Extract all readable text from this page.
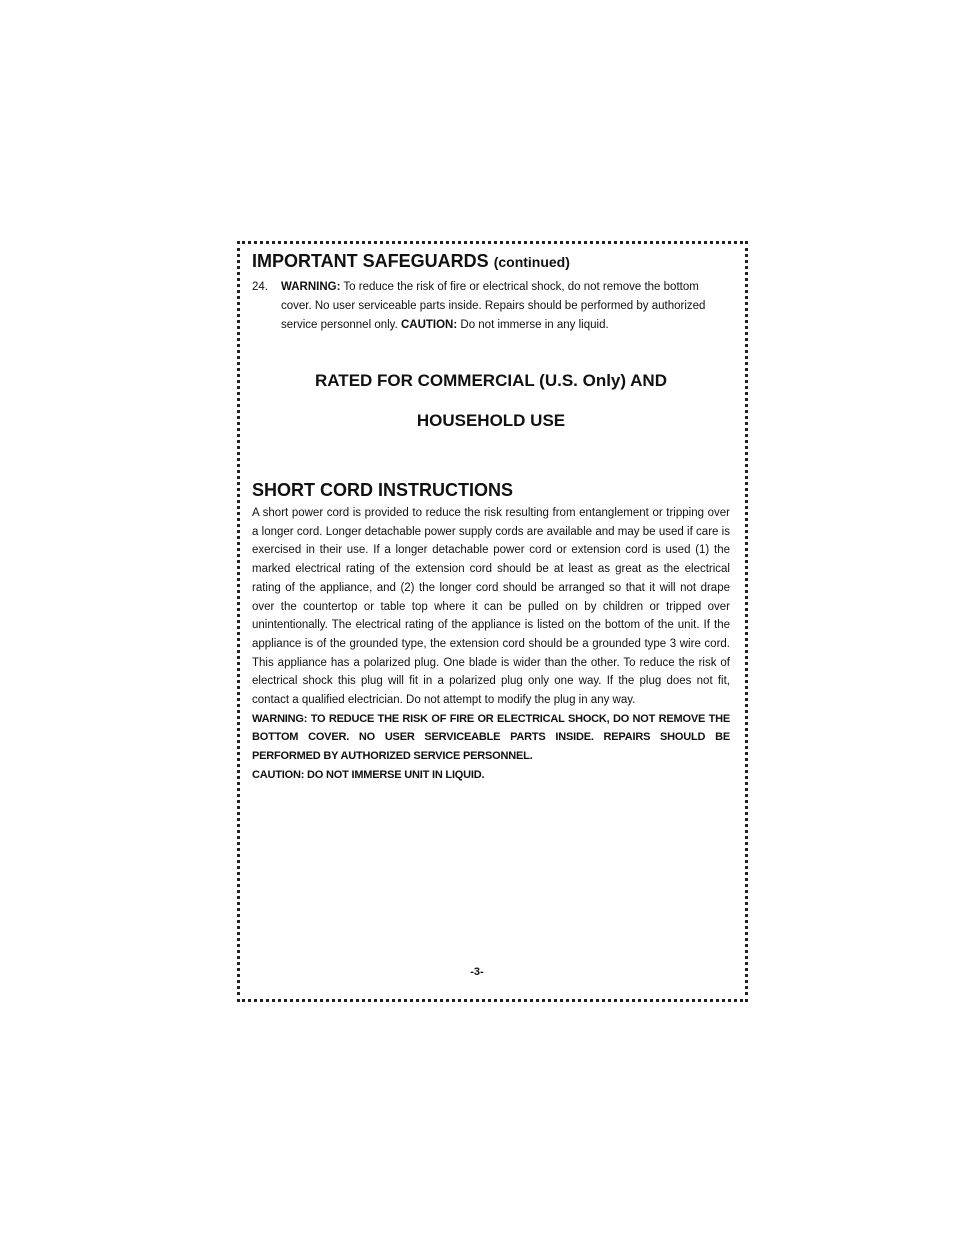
IMPORTANT SAFEGUARDS (continued)
24.	WARNING: To reduce the risk of fire or electrical shock, do not remove the bottom cover. No user serviceable parts inside. Repairs should be performed by authorized service personnel only. CAUTION: Do not immerse in any liquid.

RATED FOR COMMERCIAL (U.S. Only) AND

HOUSEHOLD USE

SHORT CORD INSTRUCTIONS
A short power cord is provided to reduce the risk resulting from entanglement or tripping over a longer cord. Longer detachable power supply cords are available and may be used if care is exercised in their use. If a longer detachable power cord or extension cord is used (1) the marked electrical rating of the extension cord should be at least as great as the electrical rating of the appliance, and (2) the longer cord should be arranged so that it will not drape over the countertop or table top where it can be pulled on by children or tripped over unintentionally. The electrical rating of the appliance is listed on the bottom of the unit. If the appliance is of the grounded type, the extension cord should be a grounded type 3 wire cord. This appliance has a polarized plug. One blade is wider than the other. To reduce the risk of electrical shock this plug will fit in a polarized plug only one way. If the plug does not fit, contact a qualified electrician. Do not attempt to modify the plug in any way.
WARNING: TO REDUCE THE RISK OF FIRE OR ELECTRICAL SHOCK, DO NOT REMOVE THE BOTTOM COVER. NO USER SERVICEABLE PARTS INSIDE. REPAIRS SHOULD BE PERFORMED BY AUTHORIZED SERVICE PERSONNEL.
CAUTION: DO NOT IMMERSE UNIT IN LIQUID.
-3-
